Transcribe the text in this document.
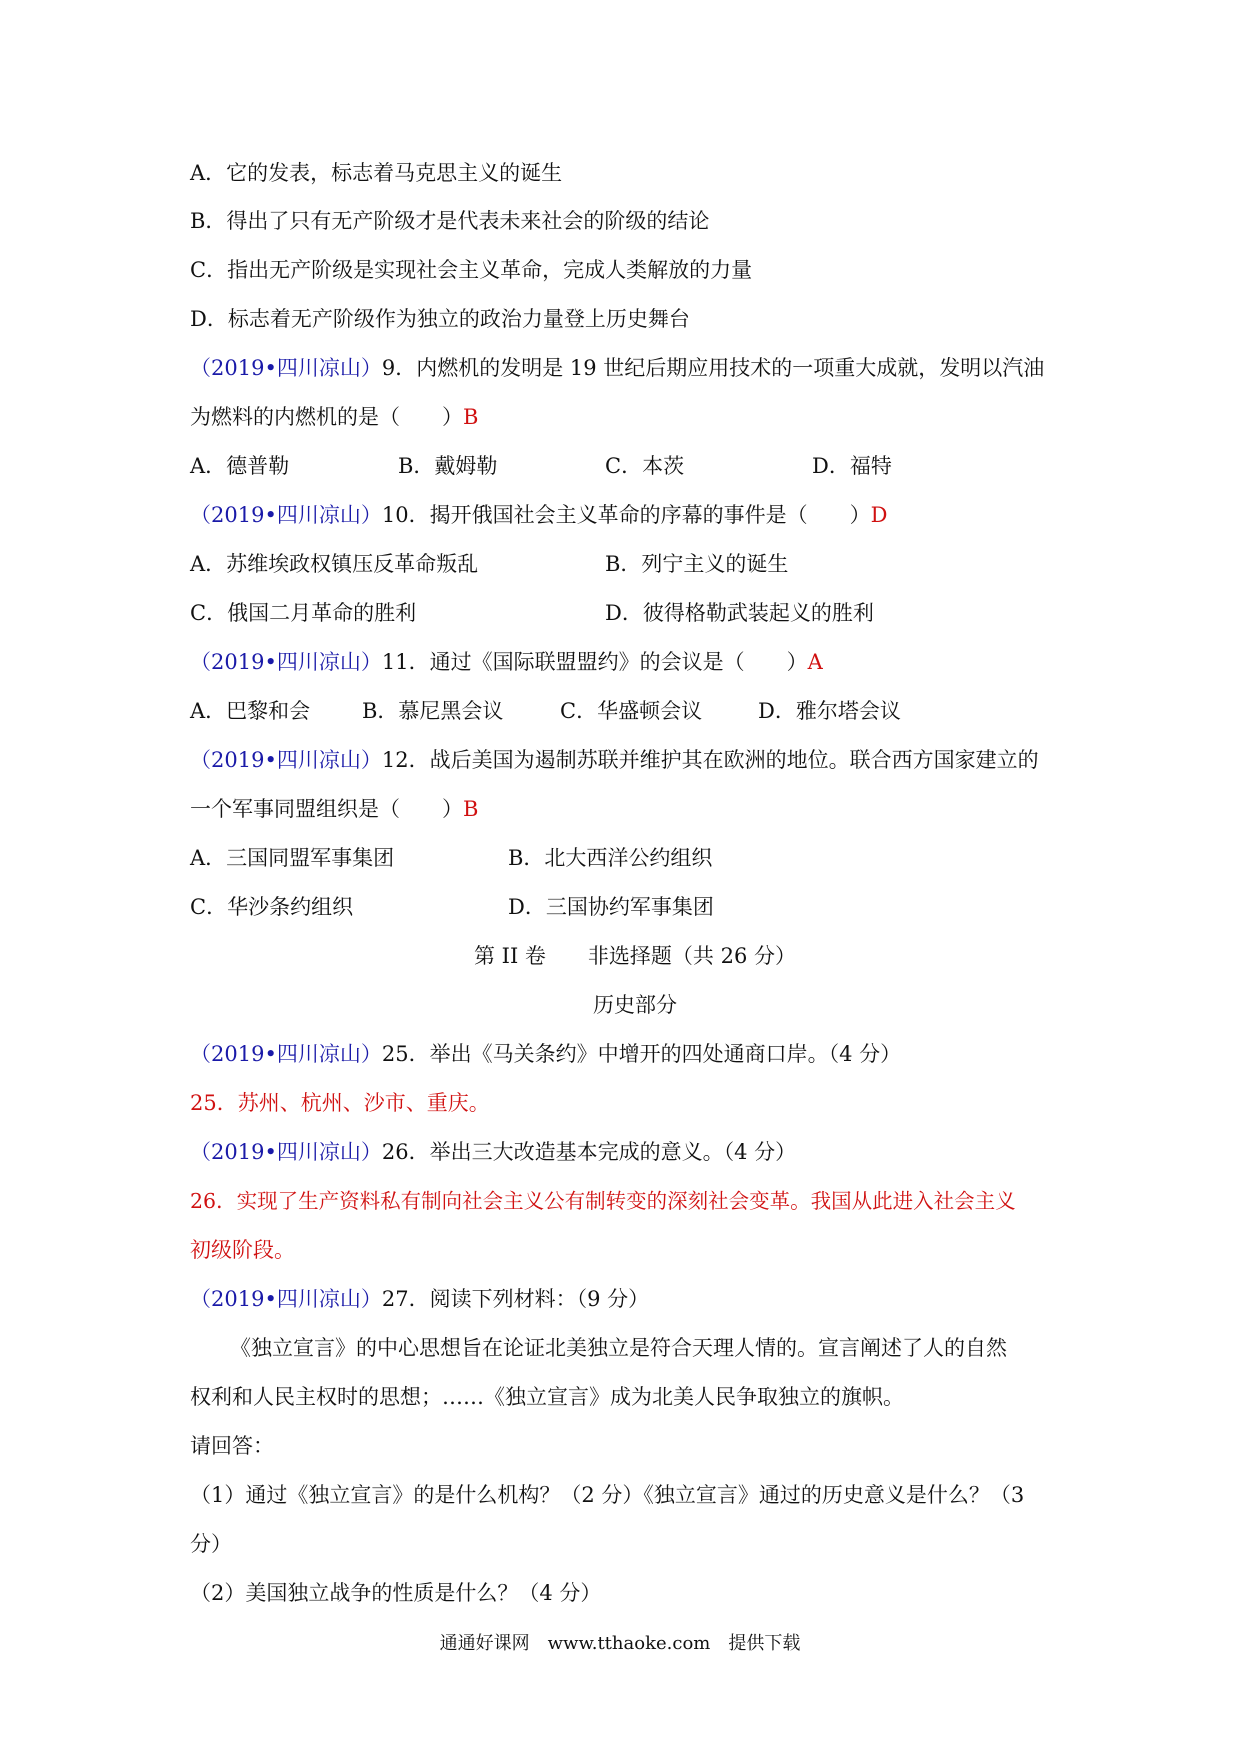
A．它的发表，标志着马克思主义的诞生
B．得出了只有无产阶级才是代表未来社会的阶级的结论
C．指出无产阶级是实现社会主义革命，完成人类解放的力量
D．标志着无产阶级作为独立的政治力量登上历史舞台
（2019•四川凉山）9．内燃机的发明是 19 世纪后期应用技术的一项重大成就，发明以汽油
为燃料的内燃机的是（　　）B
A．德普勒	B．戴姆勒	C．本茨	D．福特
（2019•四川凉山）10．揭开俄国社会主义革命的序幕的事件是（　　）D
A．苏维埃政权镇压反革命叛乱	B．列宁主义的诞生
C．俄国二月革命的胜利	D．彼得格勒武装起义的胜利
（2019•四川凉山）11．通过《国际联盟盟约》的会议是（　　）A
A．巴黎和会 B．慕尼黑会议	C．华盛顿会议	D．雅尔塔会议
（2019•四川凉山）12．战后美国为遏制苏联并维护其在欧洲的地位。联合西方国家建立的
一个军事同盟组织是（　　）B
A．三国同盟军事集团	B．北大西洋公约组织
C．华沙条约组织	D．三国协约军事集团
第 II 卷　　非选择题（共 26 分）
历史部分
（2019•四川凉山）25．举出《马关条约》中增开的四处通商口岸。（4 分）
25．苏州、杭州、沙市、重庆。
（2019•四川凉山）26．举出三大改造基本完成的意义。（4 分）
26．实现了生产资料私有制向社会主义公有制转变的深刻社会变革。我国从此进入社会主义
初级阶段。
（2019•四川凉山）27．阅读下列材料：（9 分）
《独立宣言》的中心思想旨在论证北美独立是符合天理人情的。宣言阐述了人的自然
权利和人民主权时的思想；……《独立宣言》成为北美人民争取独立的旗帜。
请回答：
（1）通过《独立宣言》的是什么机构？（2 分）《独立宣言》通过的历史意义是什么？（3
分）
（2）美国独立战争的性质是什么？（4 分）
通通好课网　www.tthaoke.com　提供下载
